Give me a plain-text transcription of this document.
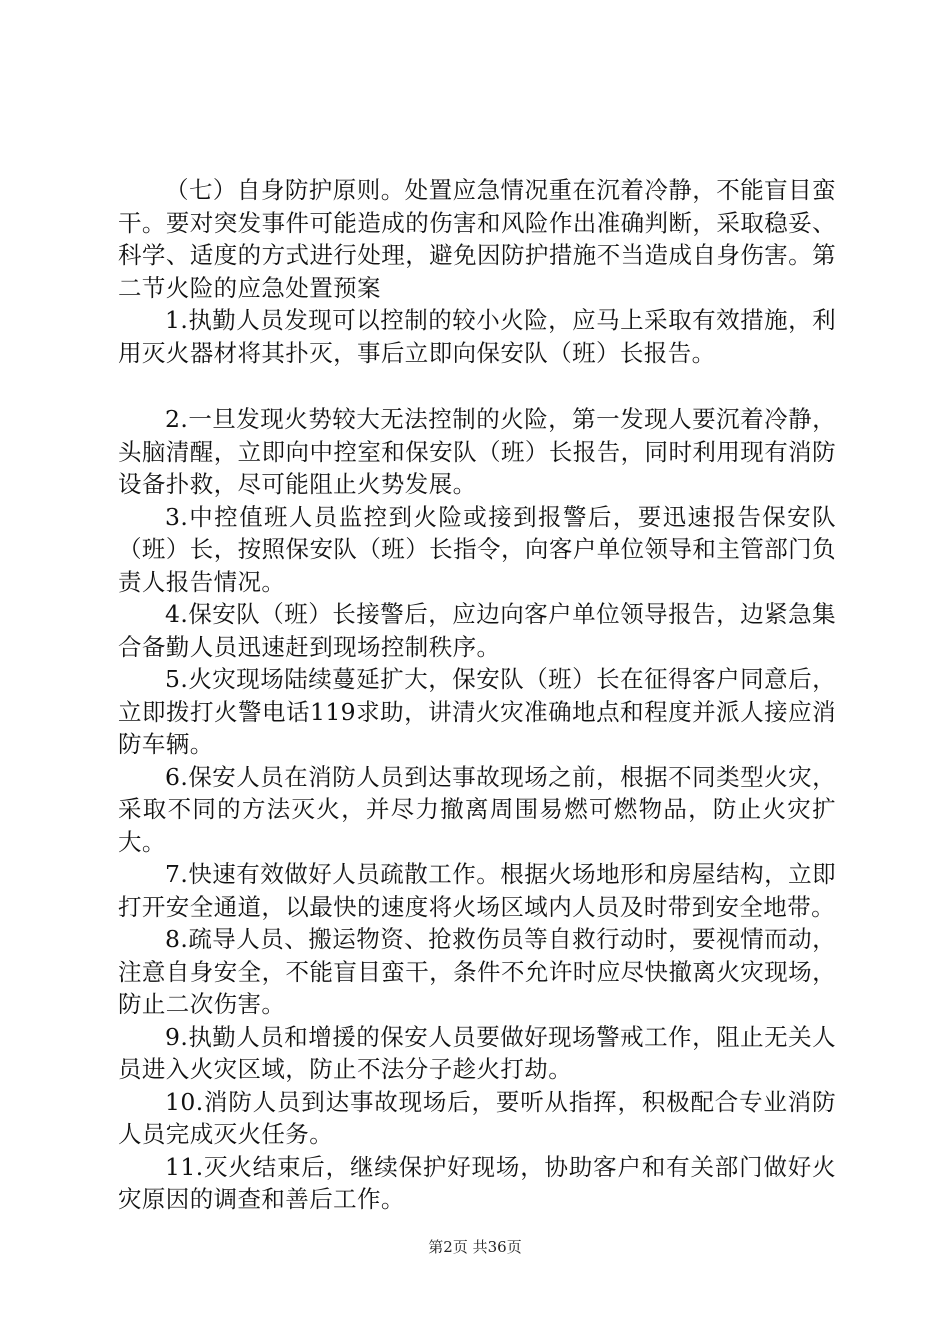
（七）自身防护原则。处置应急情况重在沉着冷静，不能盲目蛮干。要对突发事件可能造成的伤害和风险作出准确判断，采取稳妥、科学、适度的方式进行处理，避免因防护措施不当造成自身伤害。第二节火险的应急处置预案

1.执勤人员发现可以控制的较小火险，应马上采取有效措施，利用灭火器材将其扑灭，事后立即向保安队（班）长报告。

2.一旦发现火势较大无法控制的火险，第一发现人要沉着冷静，头脑清醒，立即向中控室和保安队（班）长报告，同时利用现有消防设备扑救，尽可能阻止火势发展。

3.中控值班人员监控到火险或接到报警后，要迅速报告保安队（班）长，按照保安队（班）长指令，向客户单位领导和主管部门负责人报告情况。

4.保安队（班）长接警后，应边向客户单位领导报告，边紧急集合备勤人员迅速赶到现场控制秩序。

5.火灾现场陆续蔓延扩大，保安队（班）长在征得客户同意后，立即拨打火警电话119求助，讲清火灾准确地点和程度并派人接应消防车辆。

6.保安人员在消防人员到达事故现场之前，根据不同类型火灾，采取不同的方法灭火，并尽力撤离周围易燃可燃物品，防止火灾扩大。

7.快速有效做好人员疏散工作。根据火场地形和房屋结构，立即打开安全通道，以最快的速度将火场区域内人员及时带到安全地带。

8.疏导人员、搬运物资、抢救伤员等自救行动时，要视情而动，注意自身安全，不能盲目蛮干，条件不允许时应尽快撤离火灾现场，防止二次伤害。

9.执勤人员和增援的保安人员要做好现场警戒工作，阻止无关人员进入火灾区域，防止不法分子趁火打劫。

10.消防人员到达事故现场后，要听从指挥，积极配合专业消防人员完成灭火任务。

11.灭火结束后，继续保护好现场，协助客户和有关部门做好火灾原因的调查和善后工作。

第2页 共36页
